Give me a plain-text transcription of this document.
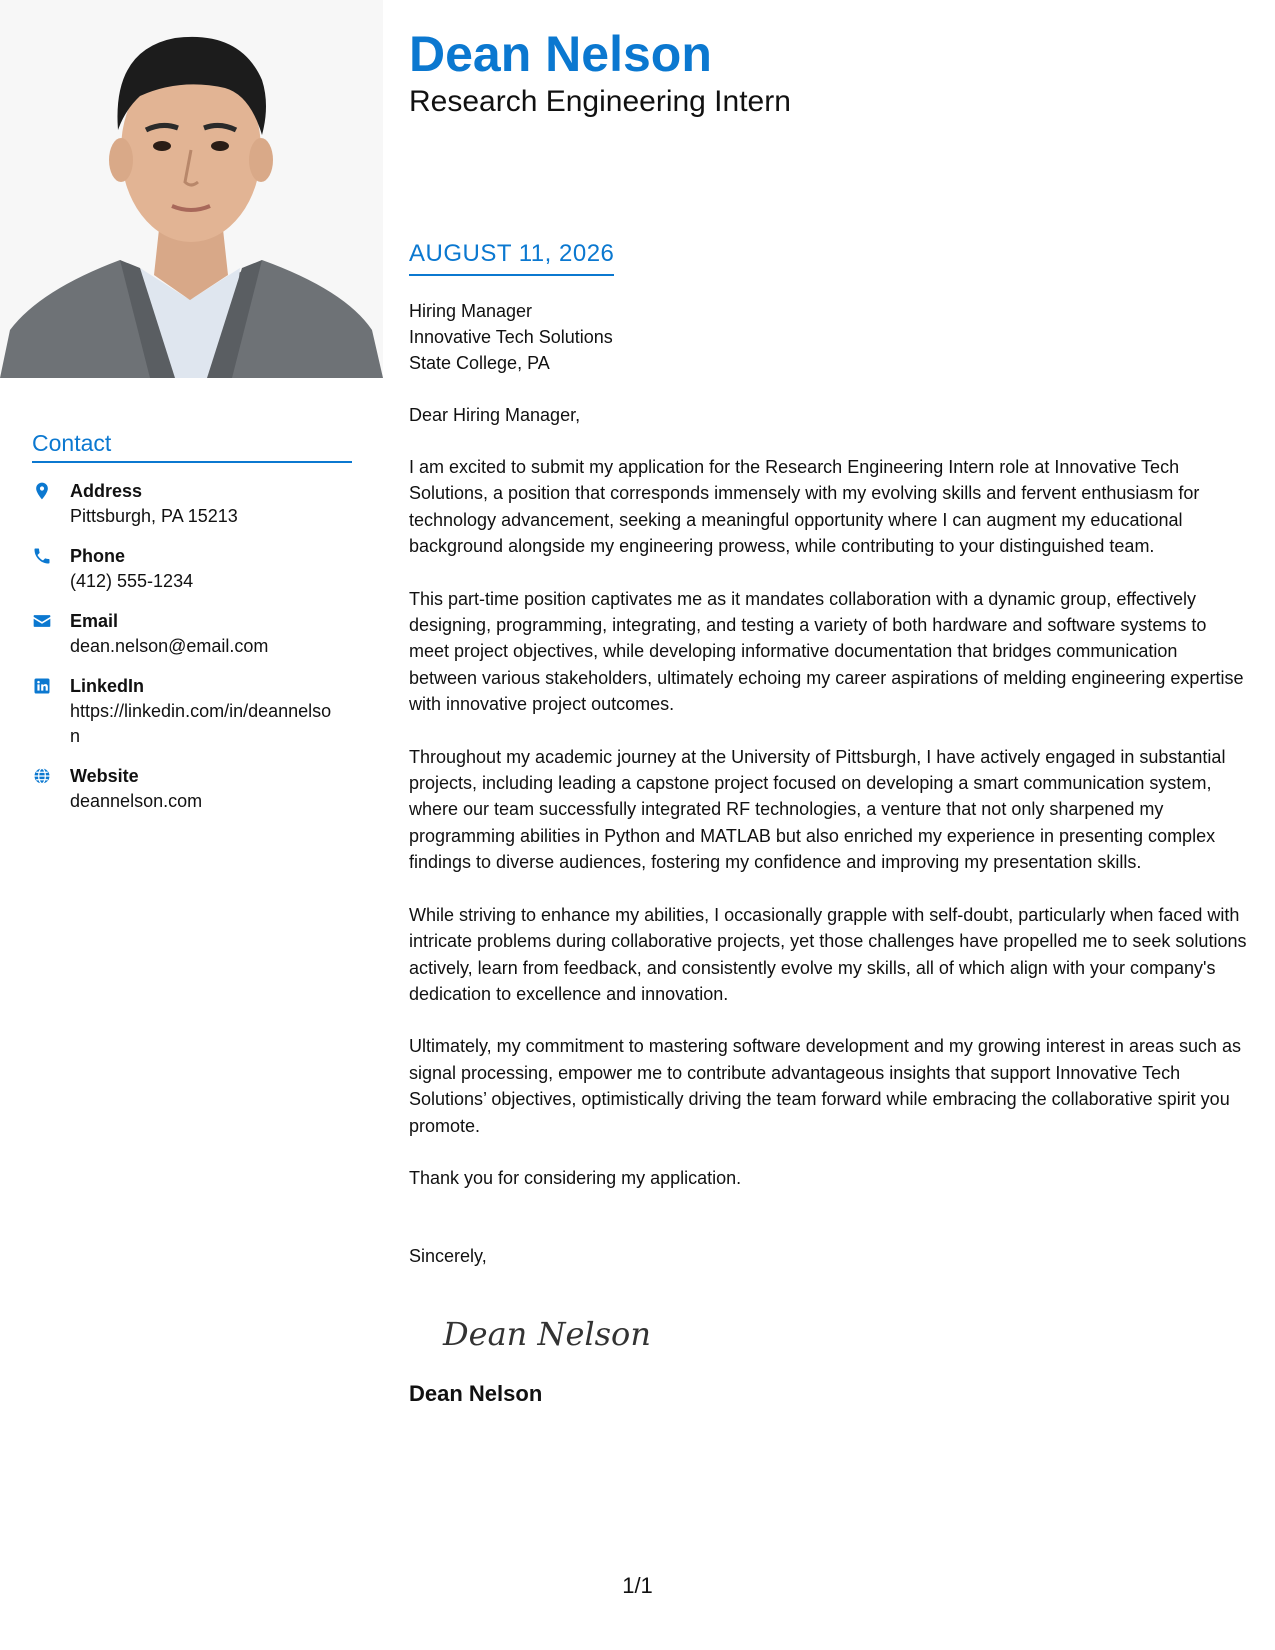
Contact
Address
Pittsburgh, PA 15213
Phone
(412) 555-1234
Email
dean.nelson@email.com
LinkedIn
https://linkedin.com/in/deannelson
Website
deannelson.com
Dean Nelson
Research Engineering Intern
AUGUST 11, 2026
Hiring Manager
Innovative Tech Solutions
State College, PA
Dear Hiring Manager,
I am excited to submit my application for the Research Engineering Intern role at Innovative Tech Solutions, a position that corresponds immensely with my evolving skills and fervent enthusiasm for technology advancement, seeking a meaningful opportunity where I can augment my educational background alongside my engineering prowess, while contributing to your distinguished team.
This part-time position captivates me as it mandates collaboration with a dynamic group, effectively designing, programming, integrating, and testing a variety of both hardware and software systems to meet project objectives, while developing informative documentation that bridges communication between various stakeholders, ultimately echoing my career aspirations of melding engineering expertise with innovative project outcomes.
Throughout my academic journey at the University of Pittsburgh, I have actively engaged in substantial projects, including leading a capstone project focused on developing a smart communication system, where our team successfully integrated RF technologies, a venture that not only sharpened my programming abilities in Python and MATLAB but also enriched my experience in presenting complex findings to diverse audiences, fostering my confidence and improving my presentation skills.
While striving to enhance my abilities, I occasionally grapple with self-doubt, particularly when faced with intricate problems during collaborative projects, yet those challenges have propelled me to seek solutions actively, learn from feedback, and consistently evolve my skills, all of which align with your company's dedication to excellence and innovation.
Ultimately, my commitment to mastering software development and my growing interest in areas such as signal processing, empower me to contribute advantageous insights that support Innovative Tech Solutions’ objectives, optimistically driving the team forward while embracing the collaborative spirit you promote.
Thank you for considering my application.
Sincerely,
Dean Nelson
Dean Nelson
1/1
